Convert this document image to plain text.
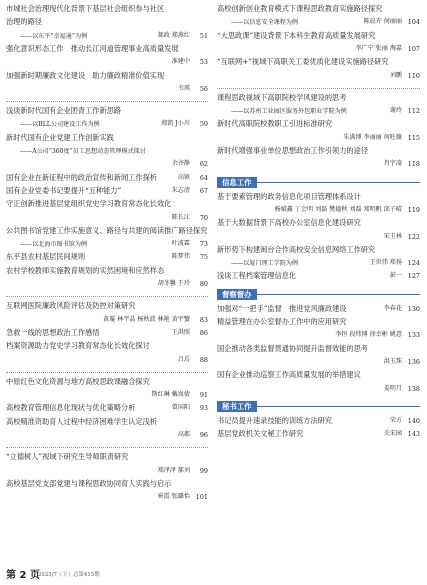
市城社会治理现代化背景下基层社会组织参与社区
治理的路径
——以东平“幸福通”为例	郝政 郑燕红 51
强化意识形态工作　推动长江河道管理事业高质量发展
准建中 53
加强新时期廉政文化建设　助力廉政精准价值实现
韦瑛 56
浅谈新时代国有企业团青工作新思路
——以BLL公司建设工作为例	郑凯 J小川 59
新时代国有企业党建工作创新实践
——A公司“360度”员工思想动态管理模式探讨
余齐静 62
国有企业在新征程中的政治宣传和新闻工作探析	高镇 64
国有企业党委书记要提升“五种能力”	朱志清 67
守正创新推进基层党组织党史学习教育常态化长效化
陈长江 70
公共图书馆党建工作实施意义、路径与共建的阅读推广路径探究
——以北海市图书馆为例	叶波霖 73
东平县农村基层民间规则	陈梦伟 75
农村学校教师实施教育规划的实然困境和应然样态
胡冬馨 王玲 80
互联网医院廉政风险评估及防控对策研究
黄璇 林宇晶 杨秋波 林艳 黄宇蟹 83
急救一线的思想政治工作感悟	王洪照 86
档案资源助力党史学习教育常态化长效化探讨
吕焉 88
中原红色文化资源与地方高校思政课融合探究
斯红琳 戴岚倩 91
高校教育管理信息化现状与优化策略分析	曾国阳 93
高校精准资助育人过程中经济困难学生认定浅析
高郡 96
“立德树人”视域下研究生导师职责研究
郑泽泽 郝刘 99
高校基层党支部党建与课程思政协同育人实践与启示
崔霞 张璐怡 101
高校创新创业教育模式下课程思政教育实施路径探究
——以信息安全课程为例	陈晨卉 何丽丽 104
“大思政课”建设背景下本科生教育高质量发展研究
李广宁 张丽 淘嘉 107
“互联网+”视域下高职关工委优质化建设实施路径研究
刘鹏 110
课程思政视域下高职院校学风建设的思考
——以苏州工业园区服务外包职业学院为例	谢玲 112
新时代高职院校教职工引进标准研究
朱满博 李丽丽 何旺薇 115
新时代增强事业单位思想政治工作引领力的途径
肖宇凌 118
信息工作
基于要素管理的政务信息化项目管理体系设计
杨斌鑫 丁会明 刘磊 樊德秋 刘磊 郑明帆 邱子晴 119
基于大数据背景下高校办公室信息化建设研究
宋玉林 122
新形势下构建闽台合作高校安全信息网络工作研究
——以厦门理工学院为例	王世伟 郑扬 124
浅谈工程档案管理信息化	彭一 127
督察督办
加强对“一把手”监督　推进党风廉政建设	李春花 130
精益管理在办公室督办工作中的应用研究
李恒 段炜博 徐幸彬 姚意 133
国企推动各类监督贯通协同提升监督效能的思考
洪玉珠 136
国有企业推动巡察工作高质量发展的举措建议
姜明月 138
秘书工作
书记员提升速录技能的训练方法研究	荣方 140
基层党政机关文秘工作研究	关宋园 143
第 2 页
2023/7（下）总第415期
